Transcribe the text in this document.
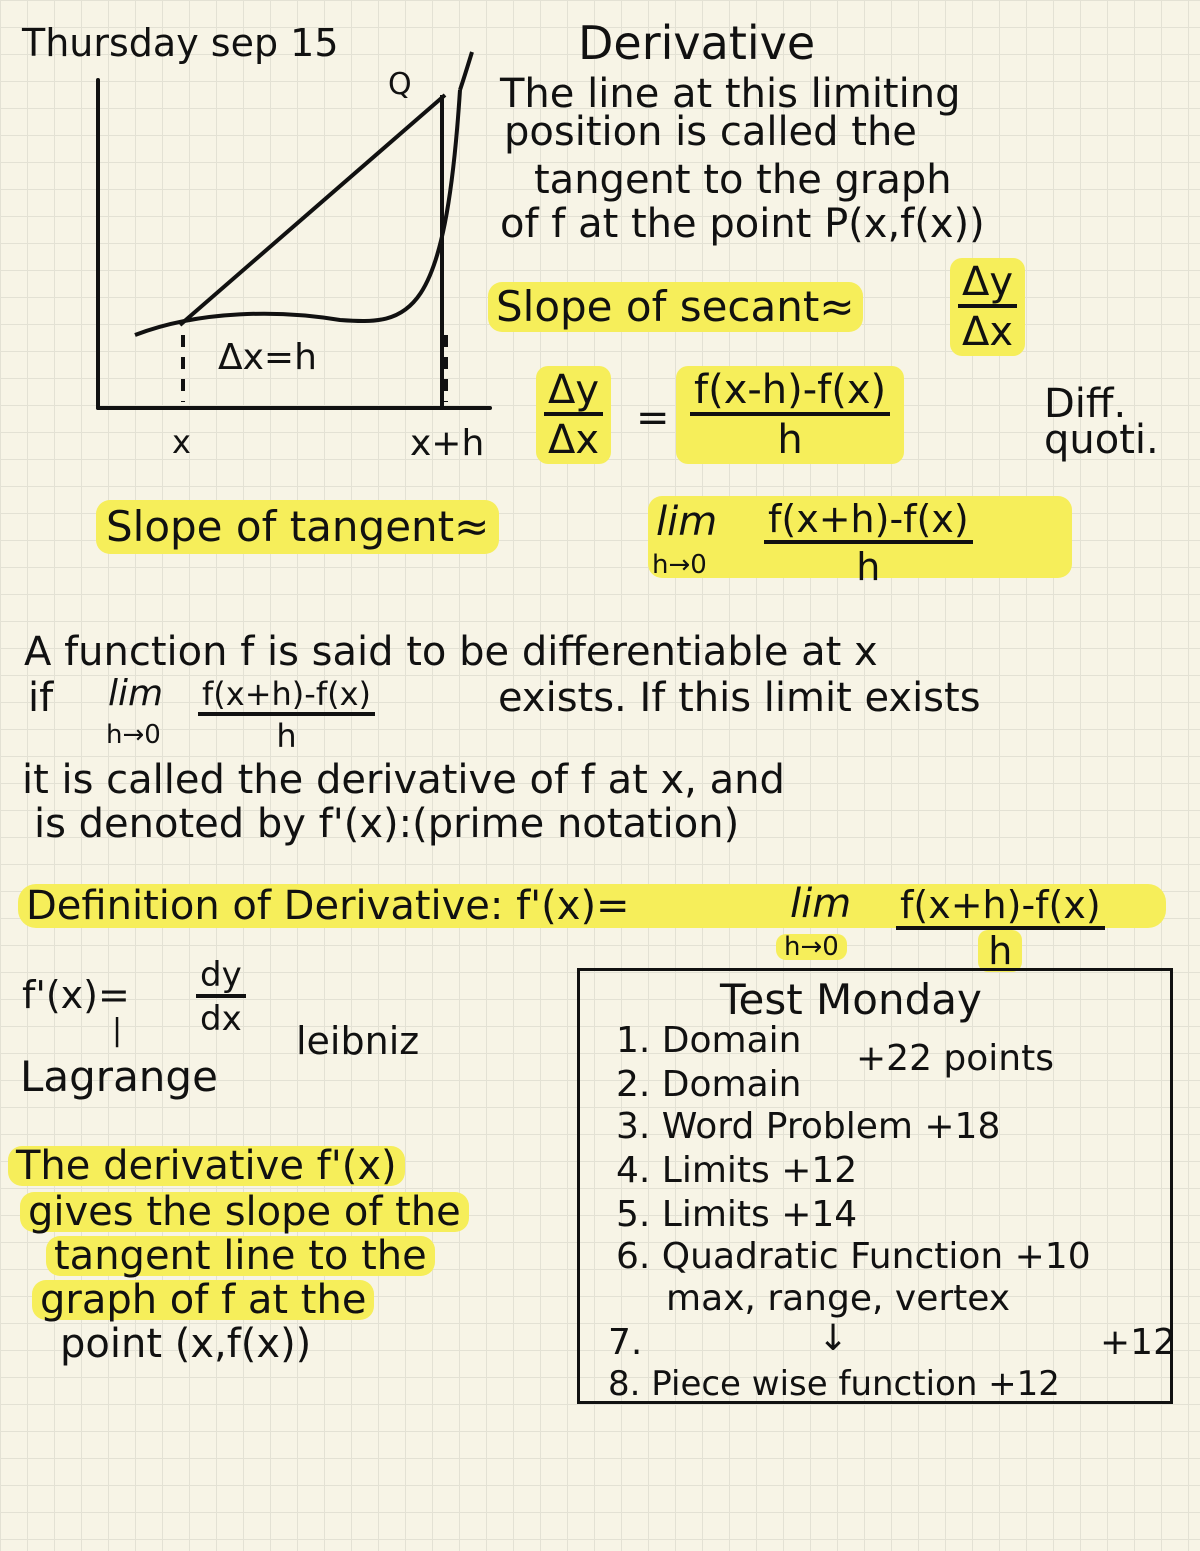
Thursday sep 15	Derivative
Q
Δx=h
x	x+h
The line at this limiting
position is called the
tangent to the graph
of f at the point P(x,f(x))
Slope of secant≈ $\frac{\Delta y}{\Delta x}$
$\frac{\Delta y}{\Delta x} = \frac{f(x-h)-f(x)}{h}$	Diff.
quoti.
Slope of tangent≈	lim
$h\to 0 \frac{f(x+h)-f(x)}{h}$
A function f is said to be differentiable at x
if lim
$h\to 0 \frac{f(x+h)-f(x)}{h}$	exists. If this limit exists
it is called the derivative of f at x, and
is denoted by f'(x):(prime notation)
Definition of Derivative: f'(x)=	lim
$h\to 0 \frac{f(x+h)-f(x)}{h}$
$f'(x)= \frac{dy}{dx}$
leibniz
|
Lagrange
The derivative f'(x)
gives the slope of the
tangent line to the
graph of f at the
point (x,f(x))
Test Monday
1. Domain +22 points
2. Domain
3. Word Problem +18
4. Limits +12
5. Limits +14
6. Quadratic Function +10
max, range, vertex
7.	↓	+12
8. Piece wise function +12
